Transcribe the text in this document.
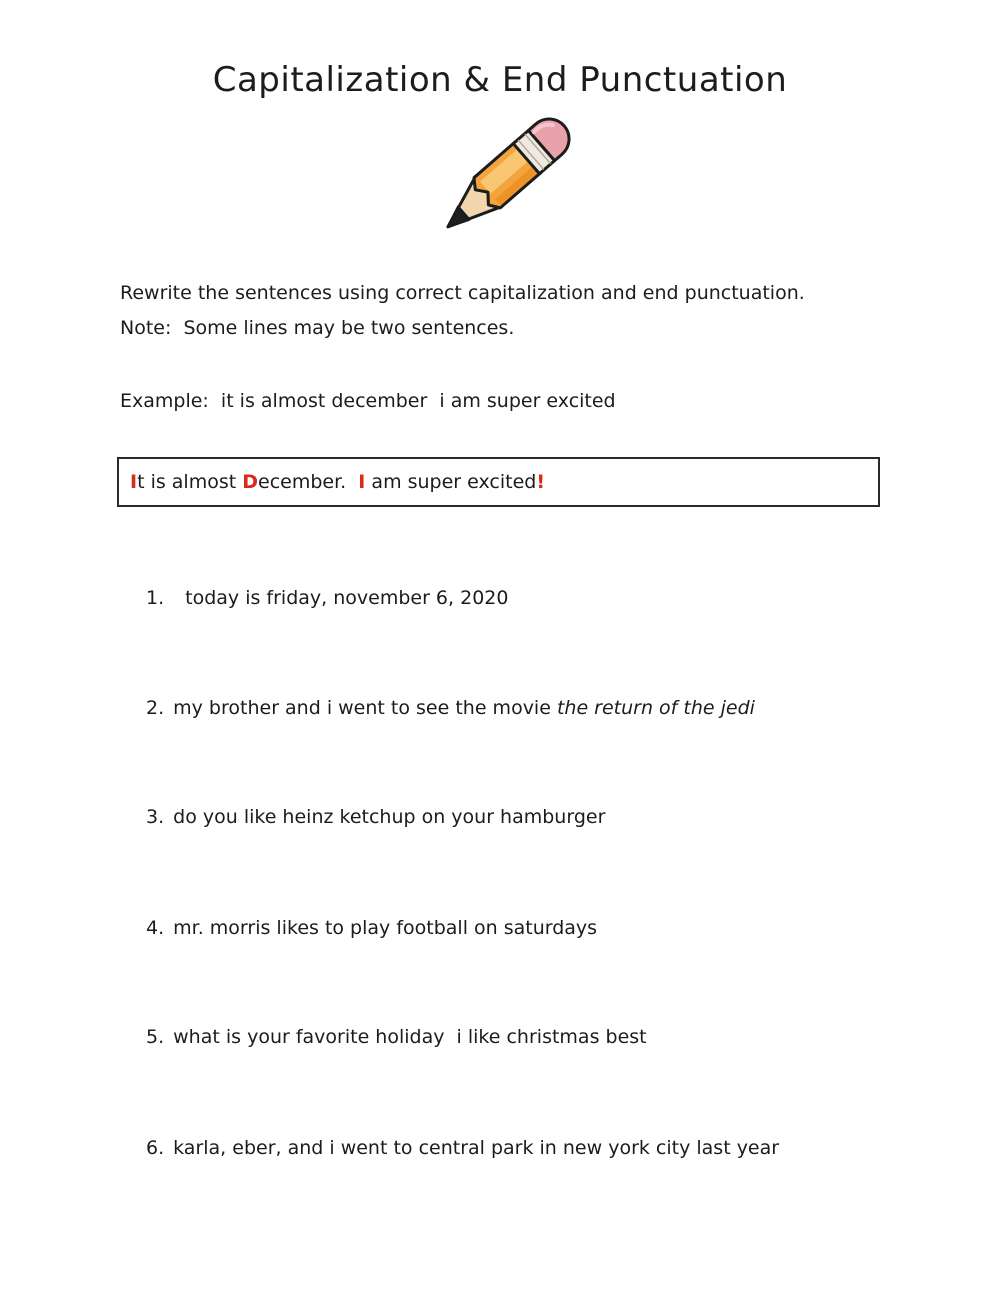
Capitalization & End Punctuation

Rewrite the sentences using correct capitalization and end punctuation.

Note:  Some lines may be two sentences.

Example:  it is almost december  i am super excited

I t is almost D ecember. I am super excited !
1. today is friday, november 6, 2020
2. my brother and i went to see the movie the return of the jedi
3. do you like heinz ketchup on your hamburger
4. mr. morris likes to play football on saturdays
5. what is your favorite holiday  i like christmas best
6. karla, eber, and i went to central park in new york city last year
